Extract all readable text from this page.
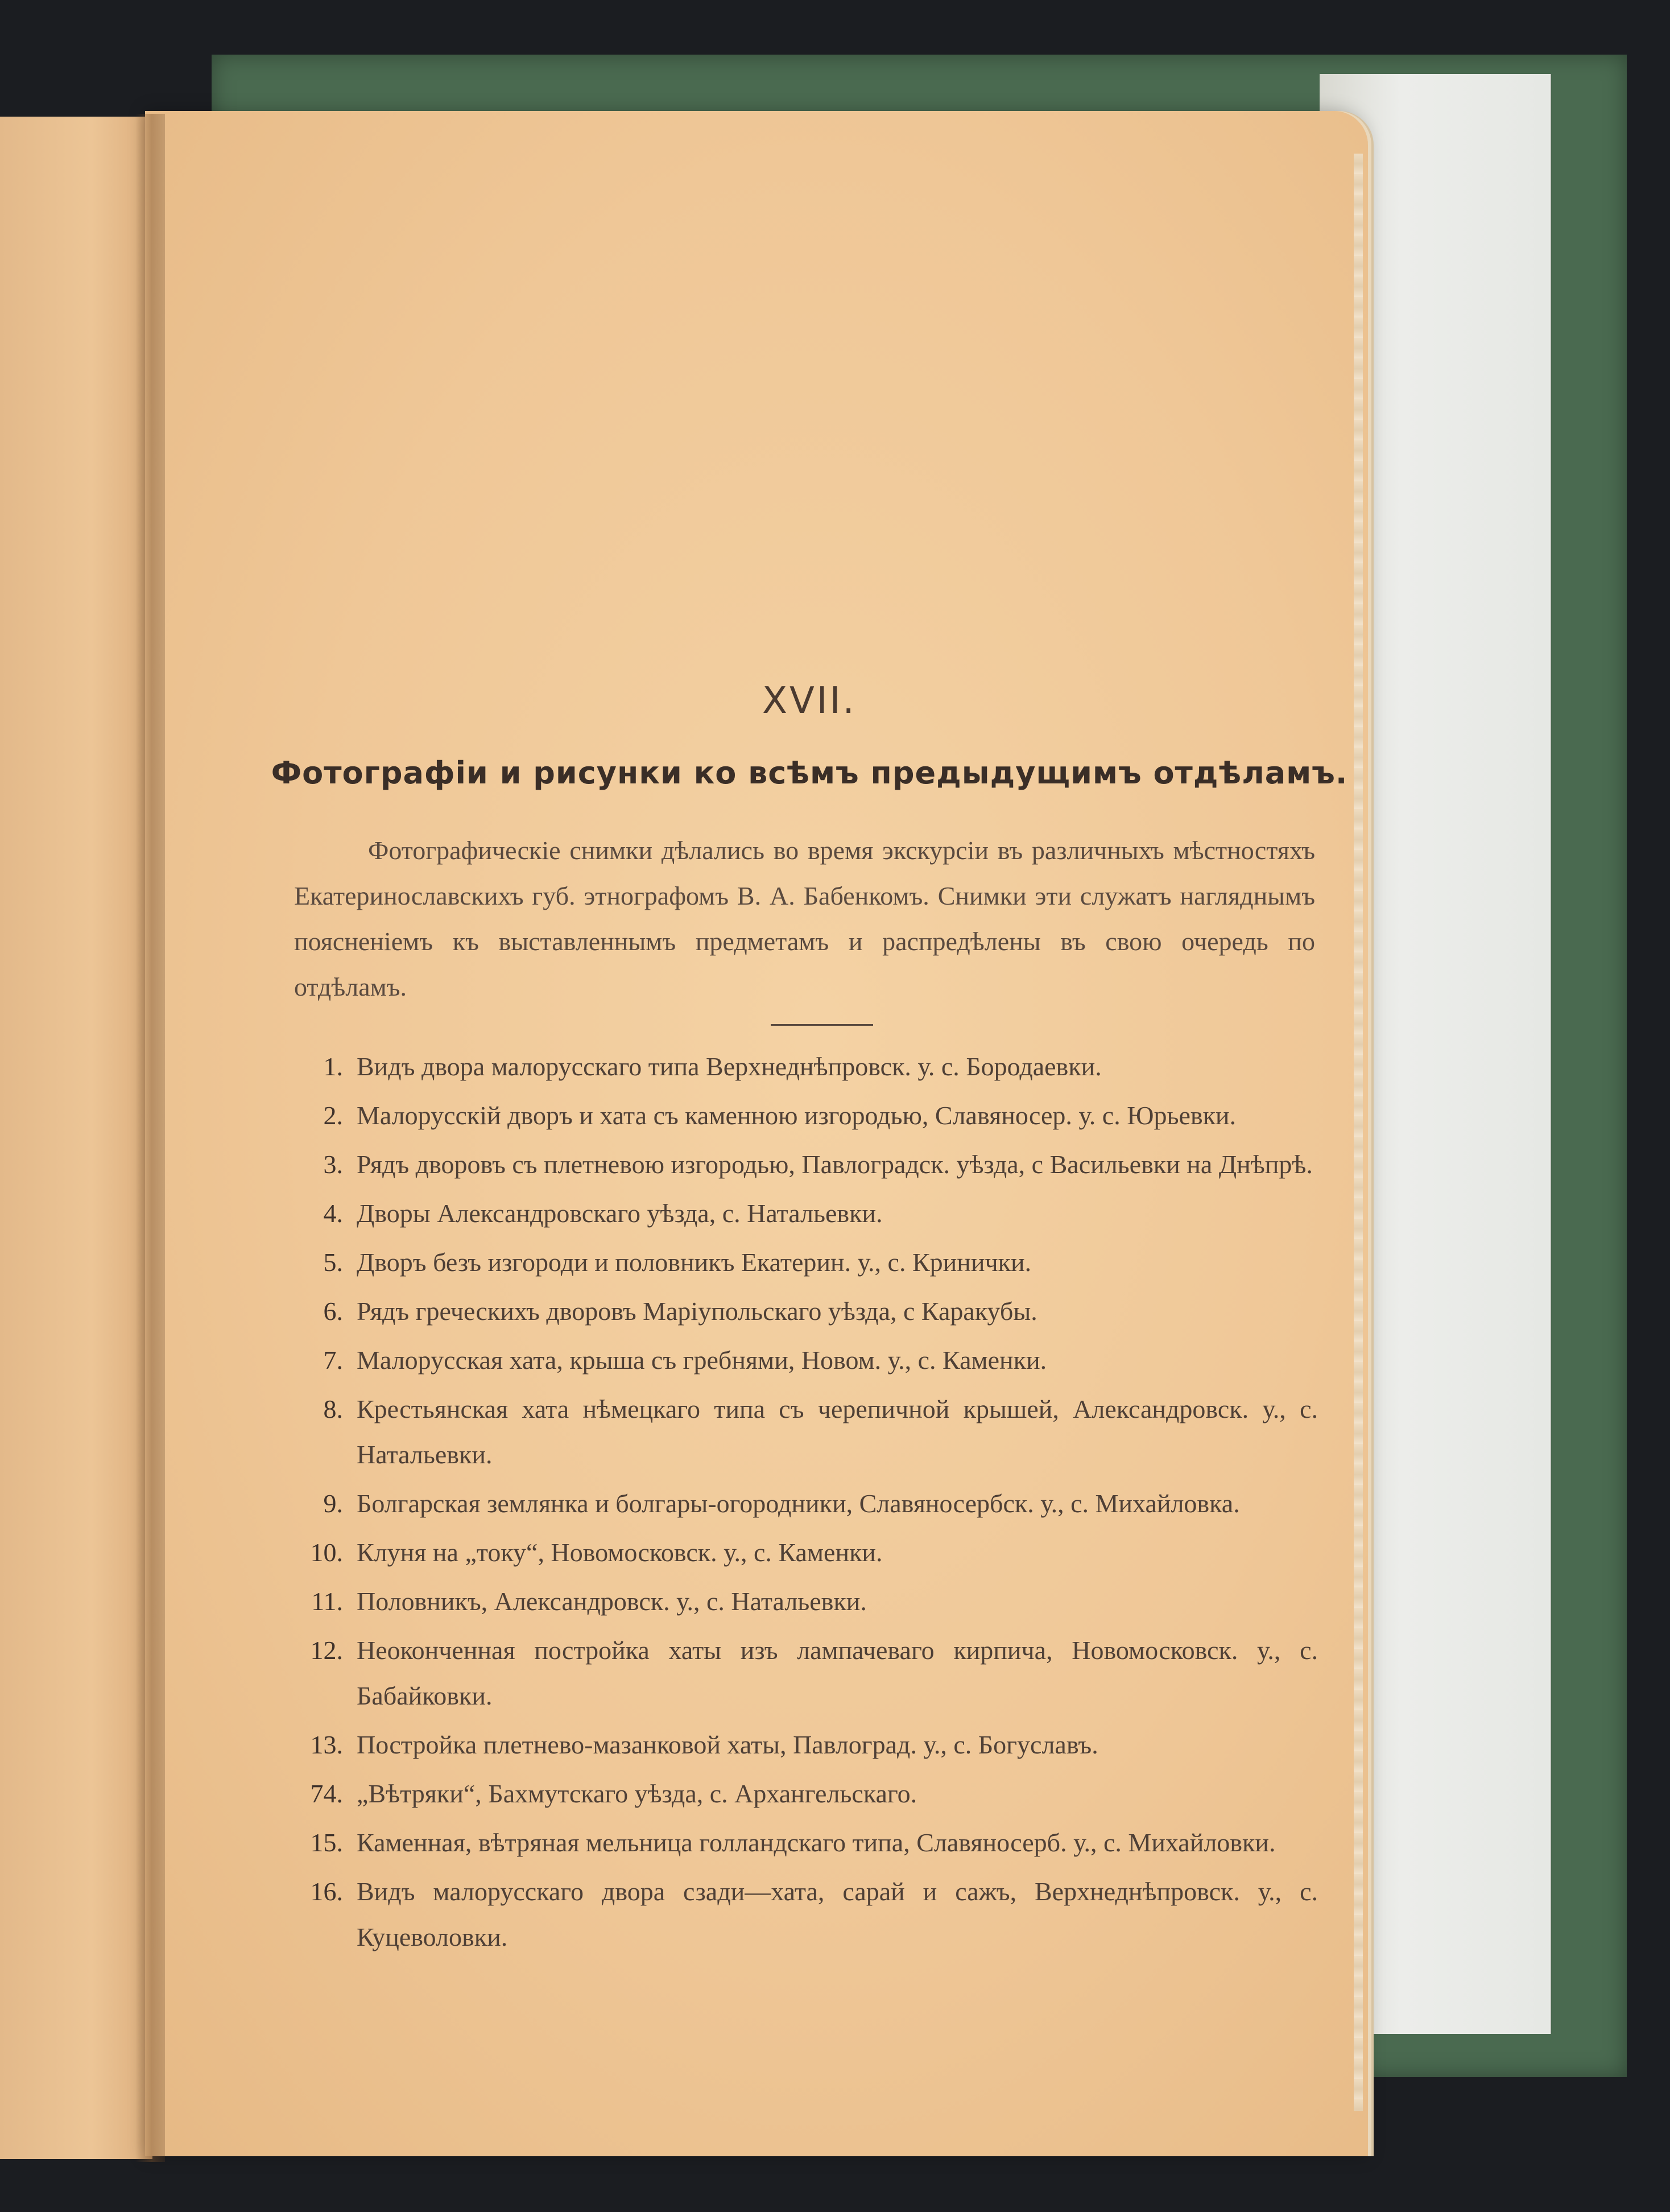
XVII.
Фотографіи и рисунки ко всѣмъ предыдущимъ отдѣламъ.
Фотографическіе снимки дѣлались во время экскурсіи въ различныхъ мѣстностяхъ Екатеринославскихъ губ. этнографомъ В. А. Бабенкомъ. Снимки эти служатъ нагляднымъ поясненіемъ къ выставленнымъ предметамъ и распредѣлены въ свою очередь по отдѣламъ.
1. Видъ двора малорусскаго типа Верхнеднѣпровск. у. с. Бородаевки.
2. Малорусскій дворъ и хата съ каменною изгородью, Славяносер. у. с. Юрьевки.
3. Рядъ дворовъ съ плетневою изгородью, Павлоградск. уѣзда, с Васильевки на Днѣпрѣ.
4. Дворы Александровскаго уѣзда, с. Натальевки.
5. Дворъ безъ изгороди и половникъ Екатерин. у., с. Кринички.
6. Рядъ греческихъ дворовъ Маріупольскаго уѣзда, с Каракубы.
7. Малорусская хата, крыша съ гребнями, Новом. у., с. Каменки.
8. Крестьянская хата нѣмецкаго типа съ черепичной крышей, Александровск. у., с. Натальевки.
9. Болгарская землянка и болгары-огородники, Славяносербск. у., с. Михайловка.
10. Клуня на „току“, Новомосковск. у., с. Каменки.
11. Половникъ, Александровск. у., с. Натальевки.
12. Неоконченная постройка хаты изъ лампачеваго кирпича, Новомосковск. у., с. Бабайковки.
13. Постройка плетнево-мазанковой хаты, Павлоград. у., с. Богуславъ.
74. „Вѣтряки“, Бахмутскаго уѣзда, с. Архангельскаго.
15. Каменная, вѣтряная мельница голландскаго типа, Славяносерб. у., с. Михайловки.
16. Видъ малорусскаго двора сзади—хата, сарай и сажъ, Верхнеднѣпровск. у., с. Куцеволовки.
